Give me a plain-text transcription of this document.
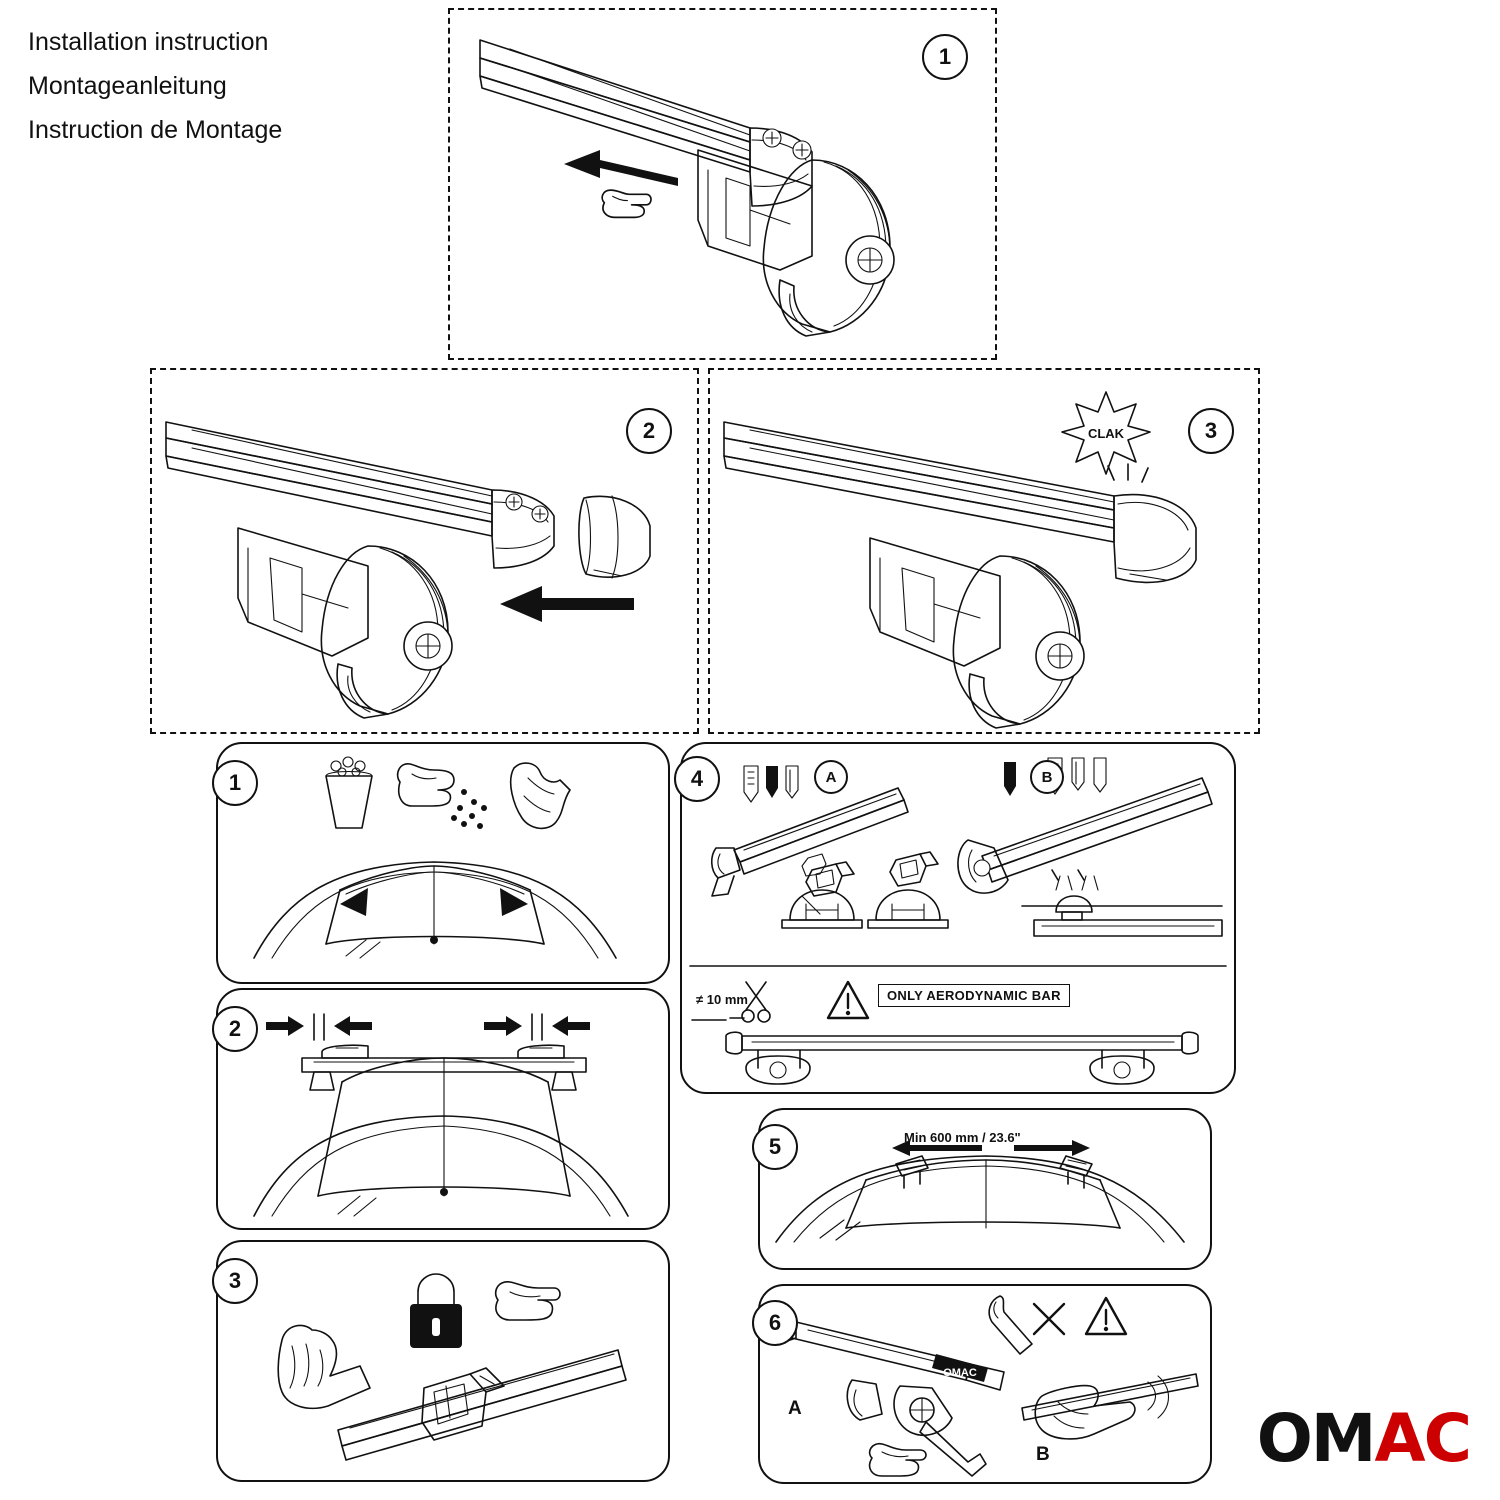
Installation instruction
Montageanleitung
Instruction de Montage
1
2	3
CLAK
1
2
3
4	A	B
≠ 10 mm	ONLY AERODYNAMIC BAR
5	Min 600 mm / 23.6"
6
A
B
OMAC
OMAC
